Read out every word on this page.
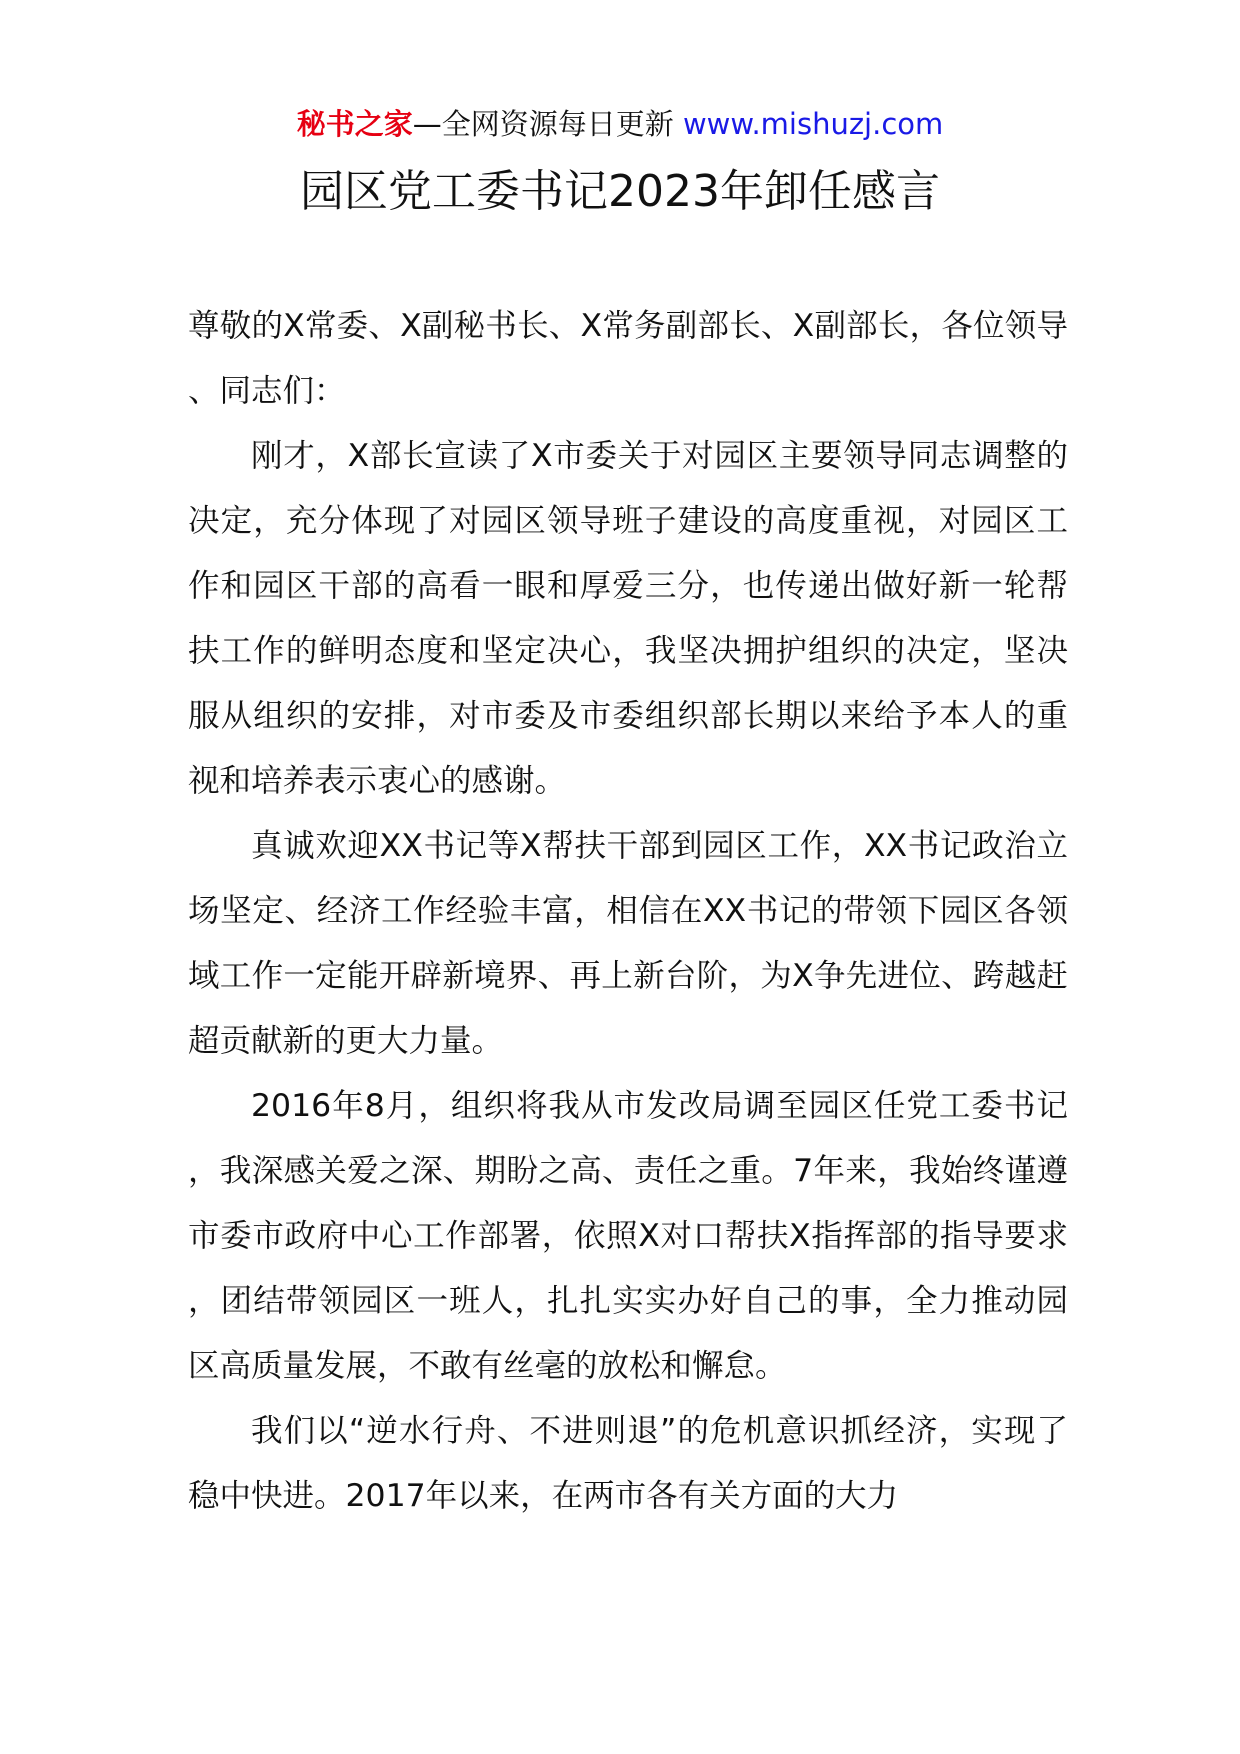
秘书之家—全网资源每日更新 www.mishuzj.com
园区党工委书记2023年卸任感言

尊敬的X常委、X副秘书长、X常务副部长、X副部长，各位领导、同志们：

刚才，X部长宣读了X市委关于对园区主要领导同志调整的决定，充分体现了对园区领导班子建设的高度重视，对园区工作和园区干部的高看一眼和厚爱三分，也传递出做好新一轮帮扶工作的鲜明态度和坚定决心，我坚决拥护组织的决定，坚决服从组织的安排，对市委及市委组织部长期以来给予本人的重视和培养表示衷心的感谢。

真诚欢迎XX书记等X帮扶干部到园区工作，XX书记政治立场坚定、经济工作经验丰富，相信在XX书记的带领下园区各领域工作一定能开辟新境界、再上新台阶，为X争先进位、跨越赶超贡献新的更大力量。

2016年8月，组织将我从市发改局调至园区任党工委书记，我深感关爱之深、期盼之高、责任之重。7年来，我始终谨遵市委市政府中心工作部署，依照X对口帮扶X指挥部的指导要求，团结带领园区一班人，扎扎实实办好自己的事，全力推动园区高质量发展，不敢有丝毫的放松和懈怠。

我们以“逆水行舟、不进则退”的危机意识抓经济，实现了稳中快进。2017年以来，在两市各有关方面的大力
